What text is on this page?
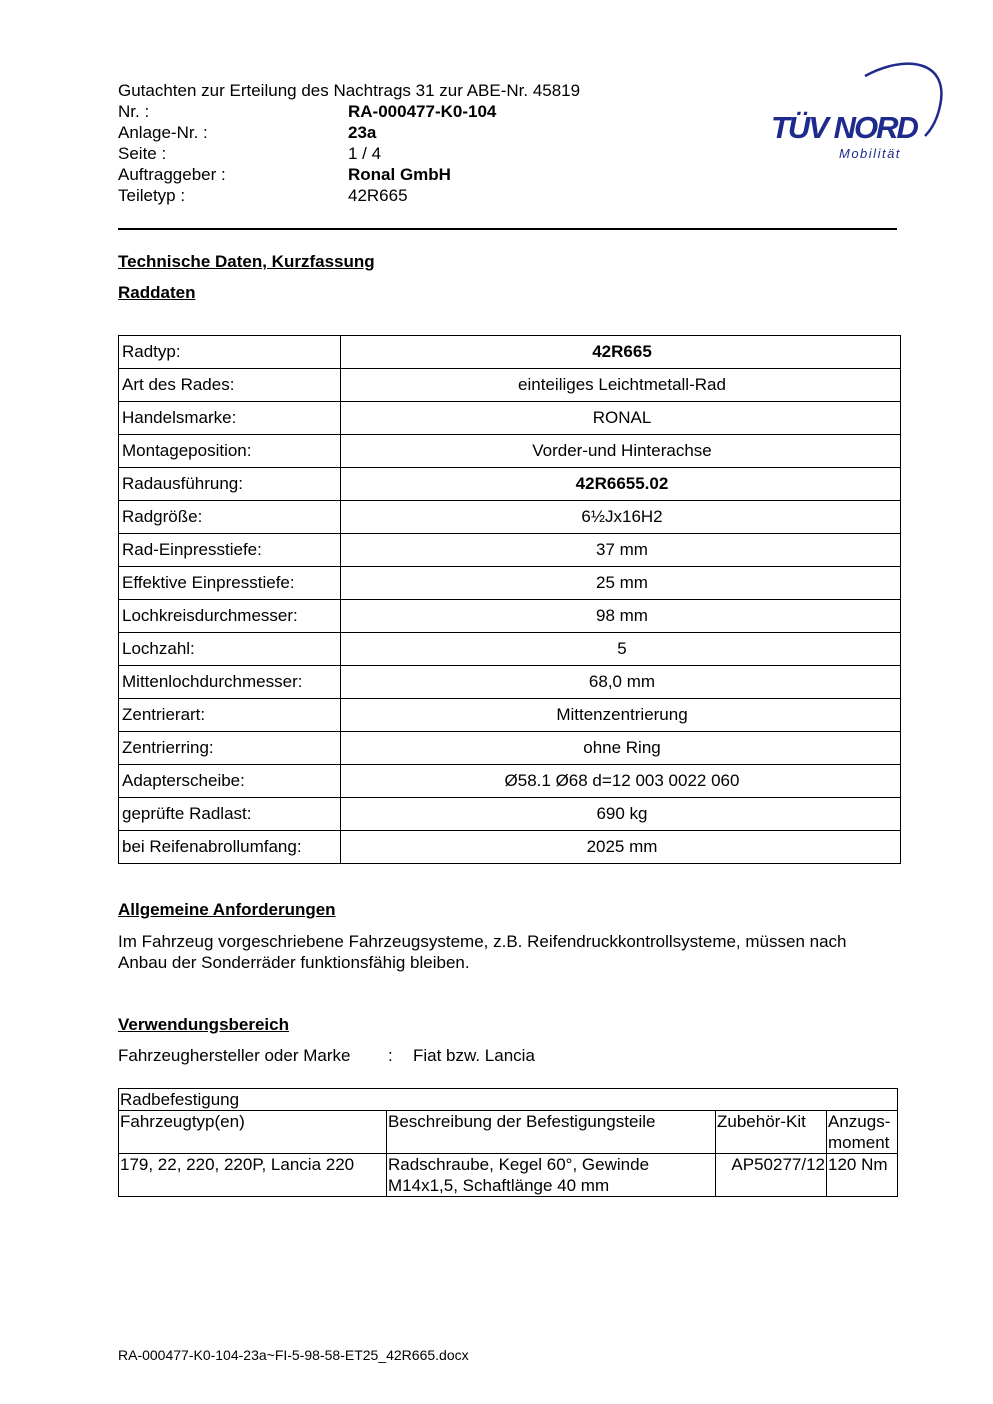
Gutachten zur Erteilung des Nachtrags 31 zur ABE-Nr. 45819
Nr. :	RA-000477-K0-104
Anlage-Nr. :	23a
Seite :	1 / 4
Auftraggeber :	Ronal GmbH
Teiletyp :	42R665
TÜV NORD
Mobilität
Technische Daten, Kurzfassung
Raddaten
Radtyp:	42R665
Art des Rades:	einteiliges Leichtmetall-Rad
Handelsmarke:	RONAL
Montageposition:	Vorder-und Hinterachse
Radausführung:	42R6655.02
Radgröße:	6½Jx16H2
Rad-Einpresstiefe:	37 mm
Effektive Einpresstiefe:	25 mm
Lochkreisdurchmesser:	98 mm
Lochzahl:	5
Mittenlochdurchmesser:	68,0 mm
Zentrierart:	Mittenzentrierung
Zentrierring:	ohne Ring
Adapterscheibe:	Ø58.1 Ø68 d=12 003 0022 060
geprüfte Radlast:	690 kg
bei Reifenabrollumfang:	2025 mm
Allgemeine Anforderungen
Im Fahrzeug vorgeschriebene Fahrzeugsysteme, z.B. Reifendruckkontrollsysteme, müssen nach Anbau der Sonderräder funktionsfähig bleiben.
Verwendungsbereich
Fahrzeughersteller oder Marke	:	Fiat bzw. Lancia
Radbefestigung			
Fahrzeugtyp(en)	Beschreibung der Befestigungsteile	Zubehör-Kit	Anzugs-moment
179, 22, 220, 220P, Lancia 220	Radschraube, Kegel 60°, Gewinde M14x1,5, Schaftlänge 40 mm	AP50277/12	120 Nm
RA-000477-K0-104-23a~FI-5-98-58-ET25_42R665.docx
